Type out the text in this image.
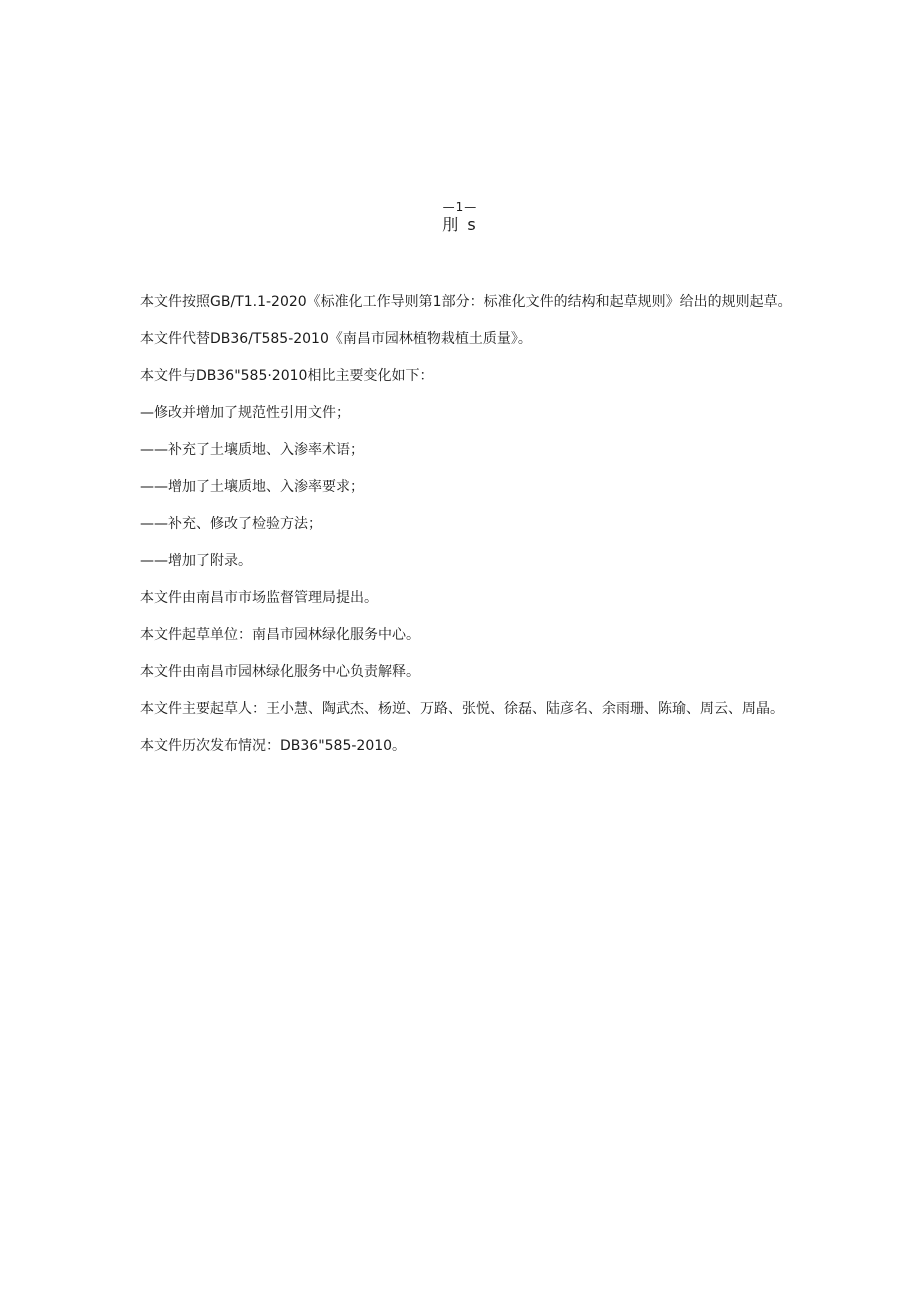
—1—
刖 s
本文件按照GB/T1.1-2020《标准化工作导则第1部分：标准化文件的结构和起草规则》给出的规则起草。
本文件代替DB36/T585-2010《南昌市园林植物栽植土质量》。
本文件与DB36"585·2010相比主要变化如下：
—修改并增加了规范性引用文件；
——补充了土壤质地、入渗率术语；
——增加了土壤质地、入渗率要求；
——补充、修改了检验方法；
——增加了附录。
本文件由南昌市市场监督管理局提出。
本文件起草单位：南昌市园林绿化服务中心。
本文件由南昌市园林绿化服务中心负责解释。
本文件主要起草人：王小慧、陶武杰、杨逆、万路、张悦、徐磊、陆彦名、余雨珊、陈瑜、周云、周晶。
本文件历次发布情况：DB36"585-2010。
